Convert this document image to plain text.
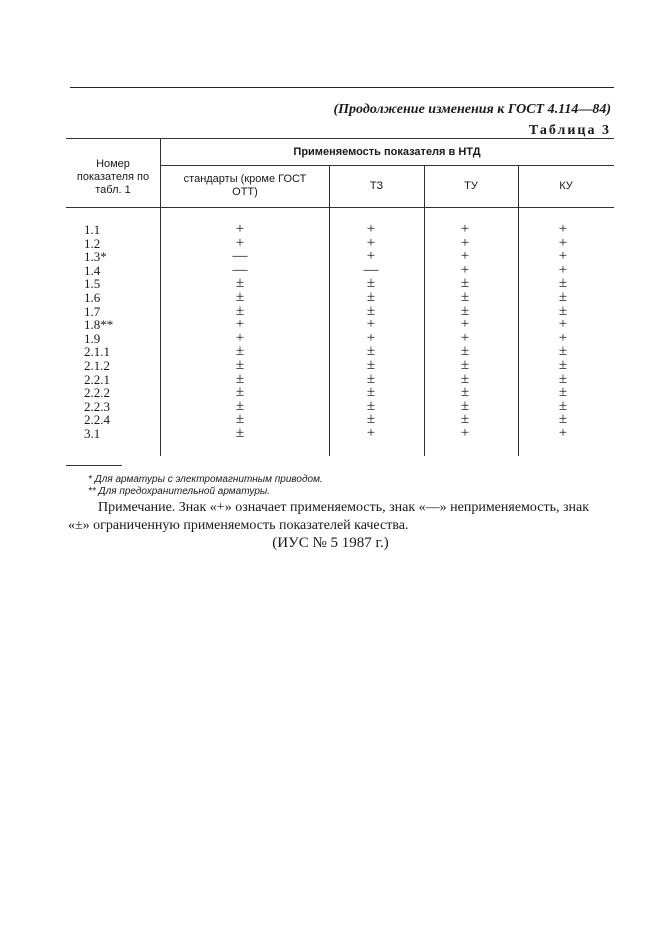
(Продолжение изменения к ГОСТ 4.114—84)
Таблица 3
Номер показателя по табл. 1
Применяемость показателя в НТД
стандарты (кроме ГОСТ ОТТ)	ТЗ	ТУ	КУ
1.1	+	+	+	+
1.2	+	+	+	+
1.3*	—	+	+	+
1.4	—	—	+	+
1.5	±	±	±	±
1.6	±	±	±	±
1.7	±	±	±	±
1.8**	+	+	+	+
1.9	+	+	+	+
2.1.1	±	±	±	±
2.1.2	±	±	±	±
2.2.1	±	±	±	±
2.2.2	±	±	±	±
2.2.3	±	±	±	±
2.2.4	±	±	±	±
3.1	±	+	+	+
* Для арматуры с электромагнитным приводом.
** Для предохранительной арматуры.
Примечание. Знак «+» означает применяемость, знак «—» неприменяемость, знак «±» ограниченную применяемость показателей качества.
(ИУС № 5 1987 г.)
